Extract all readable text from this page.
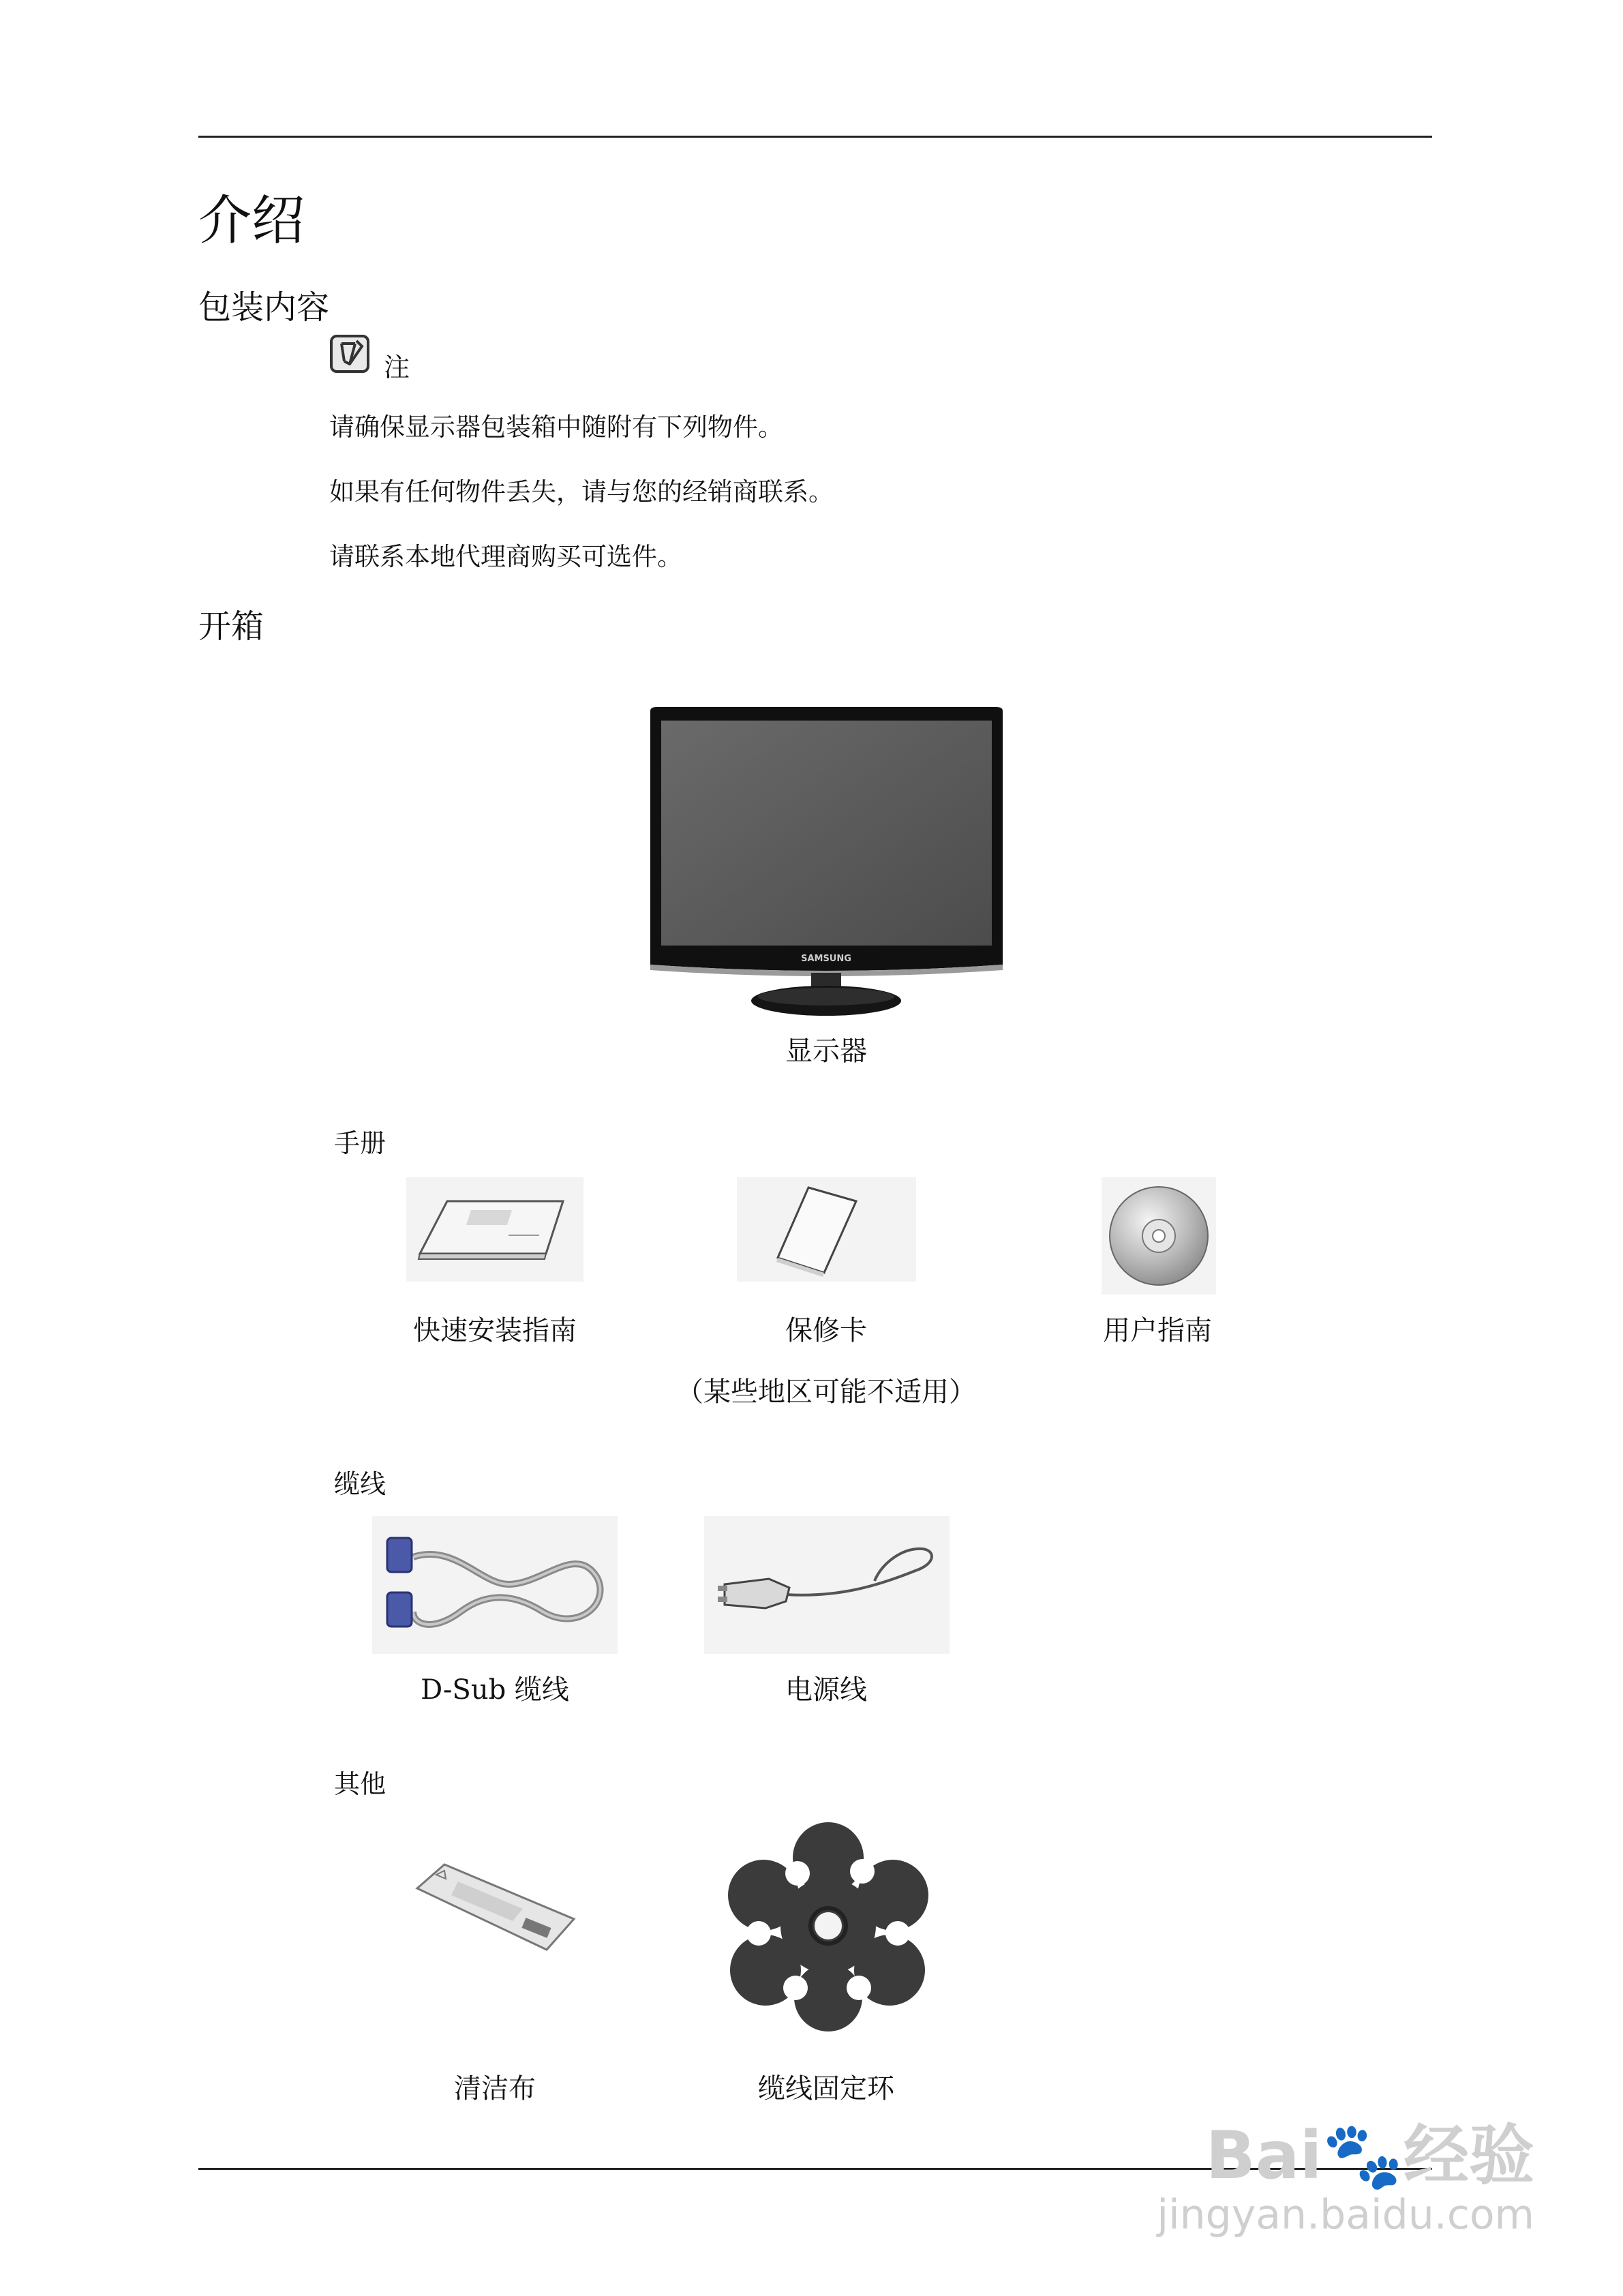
介绍
包装内容
注
请确保显示器包装箱中随附有下列物件。
如果有任何物件丢失，请与您的经销商联系。
请联系本地代理商购买可选件。
开箱
SAMSUNG
显示器
手册
快速安装指南	保修卡
（某些地区可能不适用）
用户指南
缆线
D-Sub 缆线	电源线
其他
清洁布	缆线固定环
Bai🐾经验
jingyan.baidu.com
